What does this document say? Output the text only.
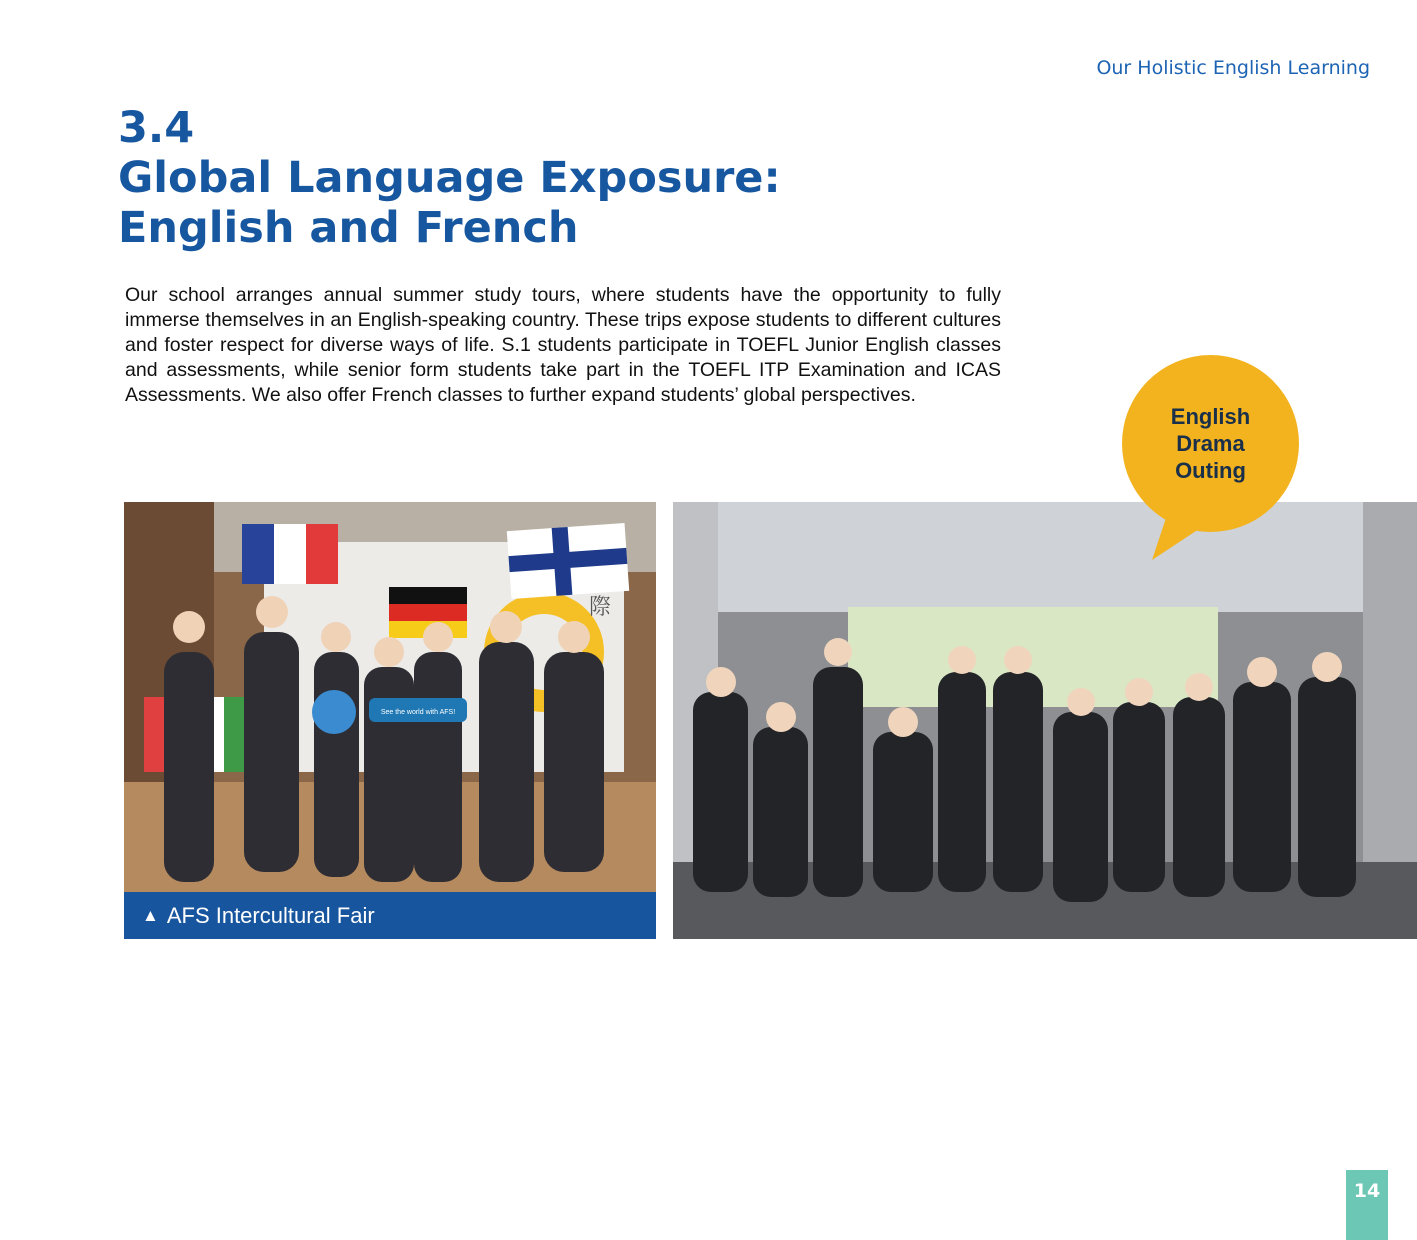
Our Holistic English Learning
3.4
Global Language Exposure:
English and French

Our school arranges annual summer study tours, where students have the opportunity to fully immerse themselves in an English-speaking country. These trips expose students to different cultures and foster respect for diverse ways of life. S.1 students participate in TOEFL Junior English classes and assessments, while senior form students take part in the TOEFL ITP Examination and ICAS Assessments. We also offer French classes to further expand students’ global perspectives.

際
See the world with AFS!
▲ AFS Intercultural Fair
English
Drama
Outing
14
